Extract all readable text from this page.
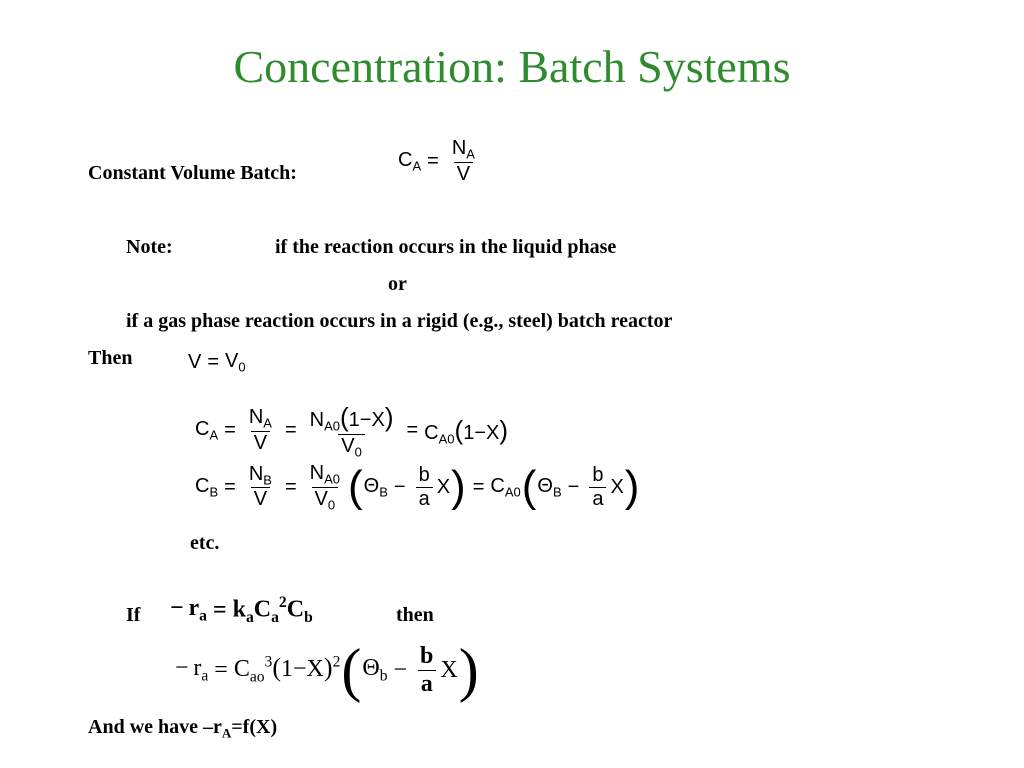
Concentration: Batch Systems
Constant Volume Batch:
$C_A = \frac{N_A}{V}$
Note:	if the reaction occurs in the liquid phase
or
if a gas phase reaction occurs in a rigid (e.g., steel) batch reactor
Then	$V = V_0$
$C_A = \frac{N_A}{V} = \frac{N_{A0}(1-X)}{V_0} = C_{A0}(1-X)$
$C_B = \frac{N_B}{V} = \frac{N_{A0}}{V_0}$ ( $\Theta_B - \frac{b}{a}$ X ) = $C_{A0}$ ( $\Theta_B - \frac{b}{a}$ X )
etc.
$If - r_a = k_aC_a^2C_b$	then
− $r_a = C_{ao}^3(1-X)^2$ ( $\Theta_b - \frac{b}{a}$ X )
And we have $-r_A=f(X)$
